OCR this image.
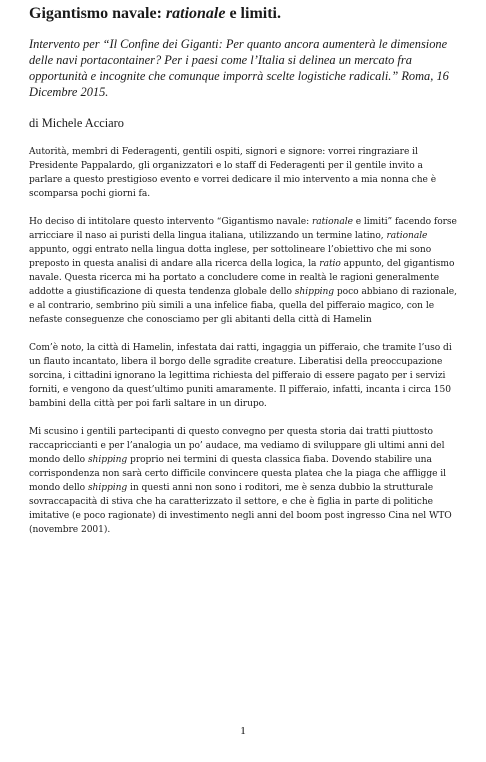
Gigantismo navale: rationale e limiti.

Intervento per “Il Confine dei Giganti: Per quanto ancora aumenterà le dimensione delle navi portacontainer? Per i paesi come l’Italia si delinea un mercato fra opportunità e incognite che comunque imporrà scelte logistiche radicali.” Roma, 16 Dicembre 2015.

di Michele Acciaro

Autorità, membri di Federagenti, gentili ospiti, signori e signore: vorrei ringraziare il Presidente Pappalardo, gli organizzatori e lo staff di Federagenti per il gentile invito a parlare a questo prestigioso evento e vorrei dedicare il mio intervento a mia nonna che è scomparsa pochi giorni fa.

Ho deciso di intitolare questo intervento “Gigantismo navale: rationale e limiti” facendo forse arricciare il naso ai puristi della lingua italiana, utilizzando un termine latino, rationale appunto, oggi entrato nella lingua dotta inglese, per sottolineare l’obiettivo che mi sono preposto in questa analisi di andare alla ricerca della logica, la ratio appunto, del gigantismo navale. Questa ricerca mi ha portato a concludere come in realtà le ragioni generalmente addotte a giustificazione di questa tendenza globale dello shipping poco abbiano di razionale, e al contrario, sembrino più simili a una infelice fiaba, quella del pifferaio magico, con le nefaste conseguenze che conosciamo per gli abitanti della città di Hamelin

Com’è noto, la città di Hamelin, infestata dai ratti, ingaggia un pifferaio, che tramite l’uso di un flauto incantato, libera il borgo delle sgradite creature. Liberatisi della preoccupazione sorcina, i cittadini ignorano la legittima richiesta del pifferaio di essere pagato per i servizi forniti, e vengono da quest’ultimo puniti amaramente. Il pifferaio, infatti, incanta i circa 150 bambini della città per poi farli saltare in un dirupo.

Mi scusino i gentili partecipanti di questo convegno per questa storia dai tratti piuttosto raccapriccianti e per l’analogia un po’ audace, ma vediamo di sviluppare gli ultimi anni del mondo dello shipping proprio nei termini di questa classica fiaba. Dovendo stabilire una corrispondenza non sarà certo difficile convincere questa platea che la piaga che affligge il mondo dello shipping in questi anni non sono i roditori, me è senza dubbio la strutturale sovraccapacità di stiva che ha caratterizzato il settore, e che è figlia in parte di politiche imitative (e poco ragionate) di investimento negli anni del boom post ingresso Cina nel WTO (novembre 2001).

1
